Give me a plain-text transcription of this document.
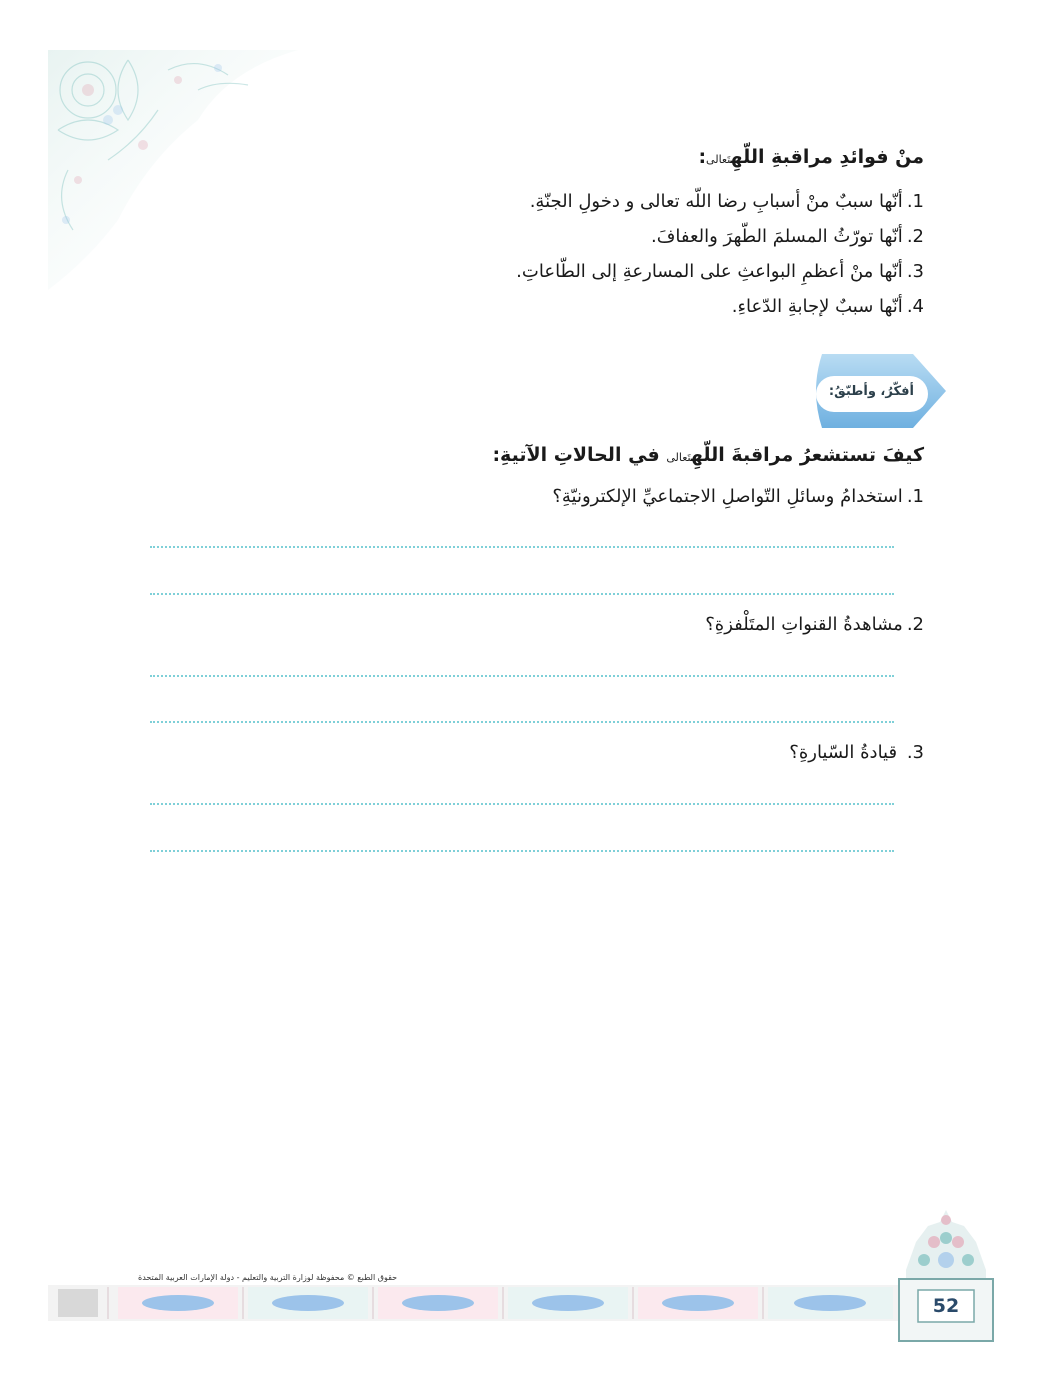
منْ فوائدِ مراقبةِ اللّهِتَعالى:

1.أنّها سببٌ منْ أسبابِ رضا اللّه تعالى و دخولِ الجنّةِ.

2.أنّها تورّثُ المسلمَ الطّهرَ والعفافَ.

3.أنّها منْ أعظمِ البواعثِ على المسارعةِ إلى الطّاعاتِ.

4.أنّها سببٌ لإجابةِ الدّعاءِ.

أفكّرُ، وأطبّقُ:
كيفَ تستشعرُ مراقبةَ اللّهِتَعالى في الحالاتِ الآتيةِ:
1.استخدامُ وسائلِ التّواصلِ الاجتماعيِّ الإلكترونيّةِ؟
2.مشاهدةُ القنواتِ المتَلْفزةِ؟
3. قيادةُ السّيارةِ؟
حقوق الطبع © محفوظة لوزارة التربية والتعليم - دولة الإمارات العربية المتحدة
52
